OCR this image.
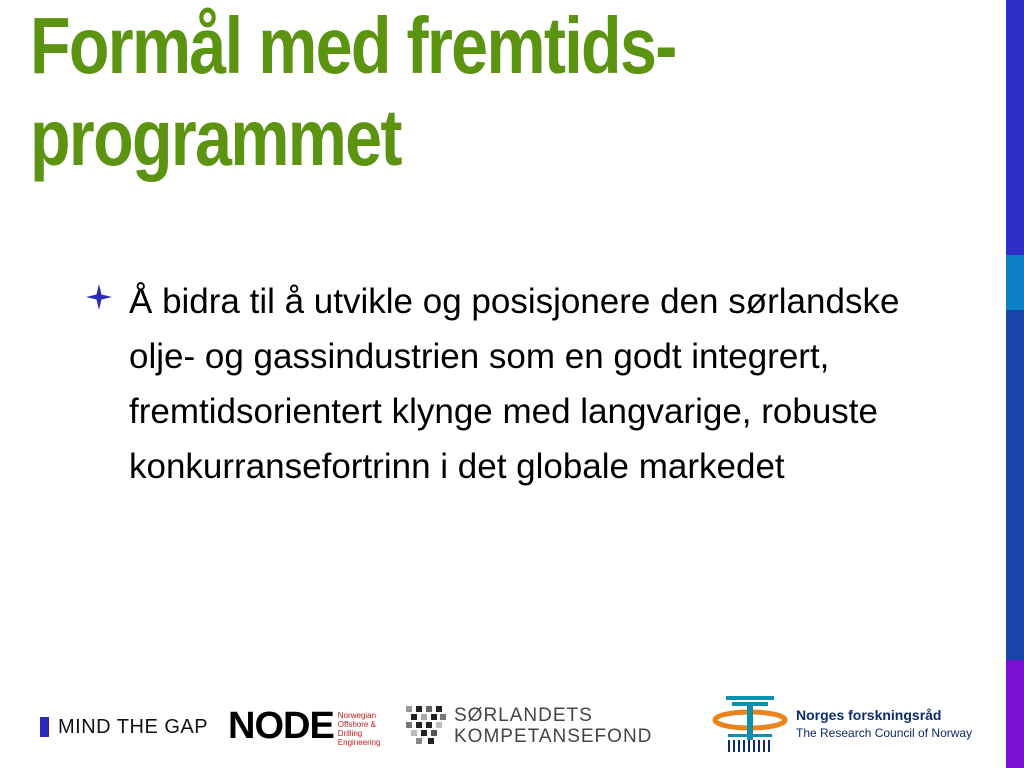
Formål med fremtids-
programmet
Å bidra til å utvikle og posisjonere den sørlandske olje- og gassindustrien som en godt integrert, fremtidsorientert klynge med langvarige, robuste konkurransefortrinn i det globale markedet
MIND THE GAP NODE Norwegian Offshore & Drilling Engineering
SØRLANDETS
KOMPETANSEFOND
Norges forskningsråd
The Research Council of Norway
